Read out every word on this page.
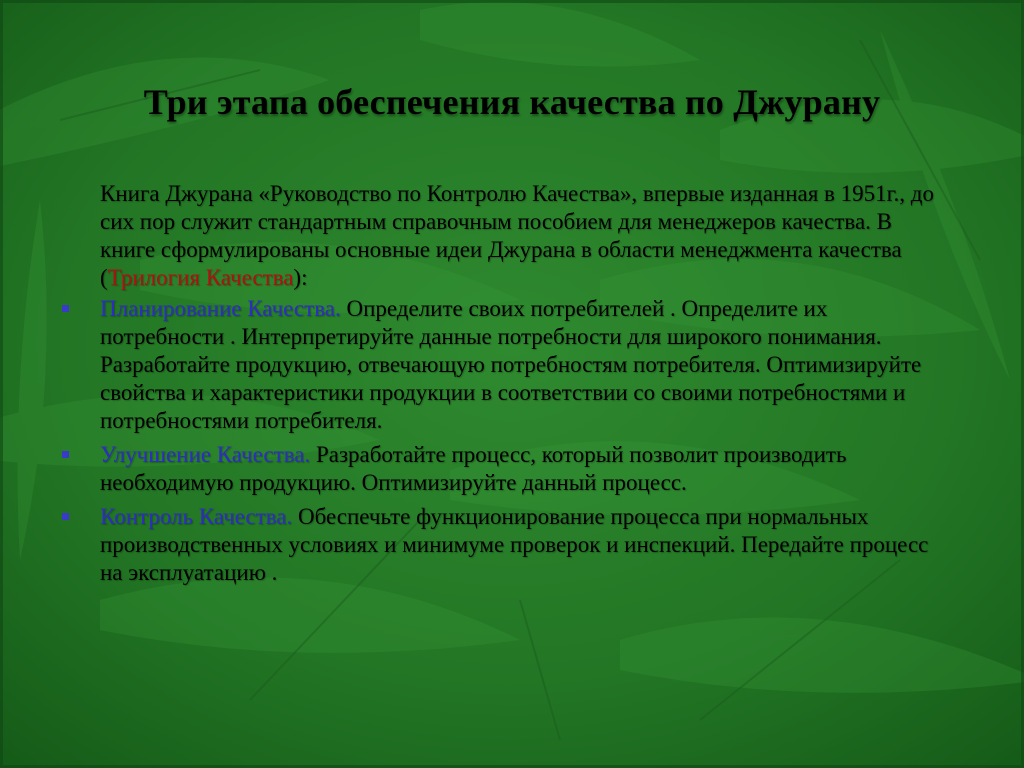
Три этапа обеспечения качества по Джурану

Книга Джурана «Руководство по Контролю Качества», впервые изданная в 1951г., до сих пор служит стандартным справочным пособием для менеджеров качества. В книге сформулированы основные идеи Джурана в области менеджмента качества (Трилогия Качества):

Планирование Качества. Определите своих потребителей . Определите их потребности . Интерпретируйте данные потребности для широкого понимания. Разработайте продукцию, отвечающую потребностям потребителя. Оптимизируйте свойства и характеристики продукции в соответствии со своими потребностями и потребностями потребителя.
Улучшение Качества. Разработайте процесс, который позволит производить необходимую продукцию. Оптимизируйте данный процесс.
Контроль Качества. Обеспечьте функционирование процесса при нормальных производственных условиях и минимуме проверок и инспекций. Передайте процесс на эксплуатацию .
